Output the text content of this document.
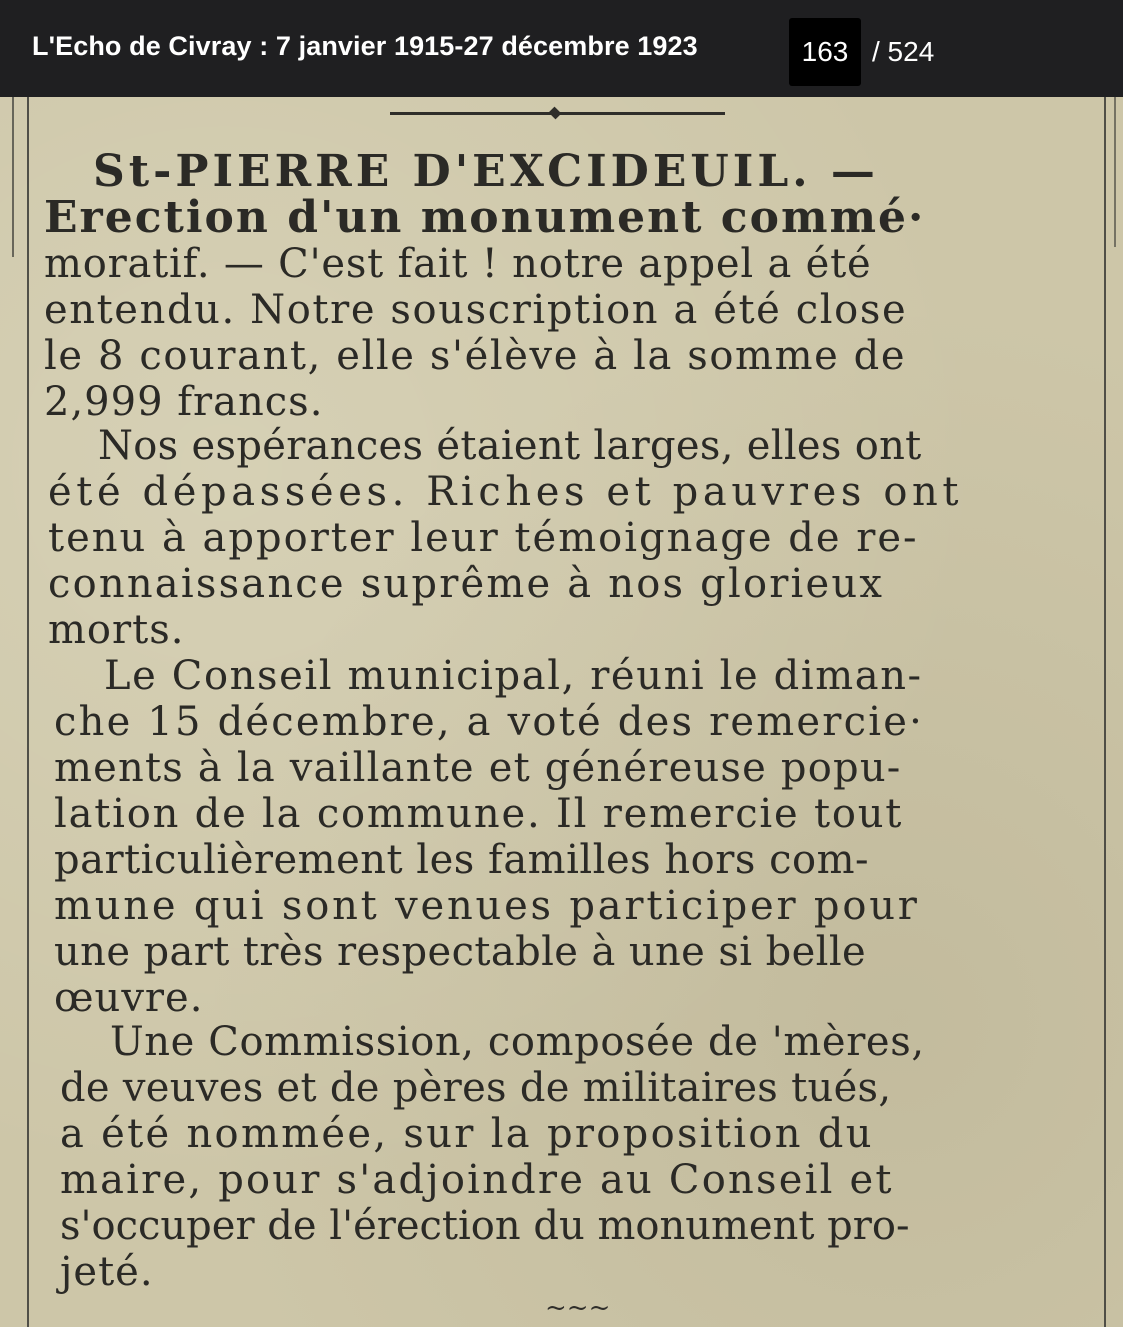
L'Echo de Civray : 7 janvier 1915-27 décembre 1923	163 / 524
St-PIERRE D'EXCIDEUIL. —
Erection d'un monument commé·
moratif. — C'est fait ! notre appel a été
entendu. Notre souscription a été close
le 8 courant, elle s'élève à la somme de
2,999 francs.
Nos espérances étaient larges, elles ont
été dépassées. Riches et pauvres ont
tenu à apporter leur témoignage de re-
connaissance suprême à nos glorieux
morts.
Le Conseil municipal, réuni le diman-
che 15 décembre, a voté des remercie·
ments à la vaillante et généreuse popu-
lation de la commune. Il remercie tout
particulièrement les familles hors com-
mune qui sont venues participer pour
une part très respectable à une si belle
œuvre.
Une Commission, composée de 'mères,
de veuves et de pères de militaires tués,
a été nommée, sur la proposition du
maire, pour s'adjoindre au Conseil et
s'occuper de l'érection du monument pro-
jeté.
~~~
